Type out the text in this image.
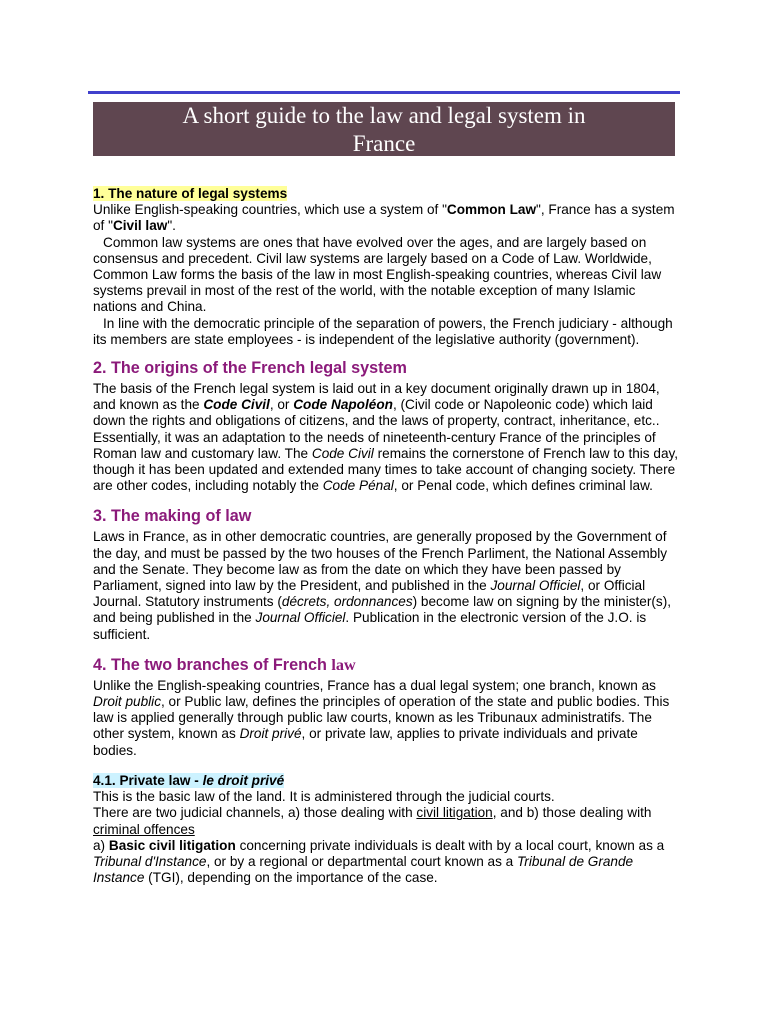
A short guide to the law and legal system in
France

1. The nature of legal systems

Unlike English-speaking countries, which use a system of "Common Law", France has a system of "Civil law".

Common law systems are ones that have evolved over the ages, and are largely based on consensus and precedent. Civil law systems are largely based on a Code of Law. Worldwide, Common Law forms the basis of the law in most English-speaking countries, whereas Civil law systems prevail in most of the rest of the world, with the notable exception of many Islamic nations and China.

In line with the democratic principle of the separation of powers, the French judiciary - although its members are state employees - is independent of the legislative authority (government).

2. The origins of the French legal system

The basis of the French legal system is laid out in a key document originally drawn up in 1804, and known as the Code Civil, or Code Napoléon, (Civil code or Napoleonic code) which laid down the rights and obligations of citizens, and the laws of property, contract, inheritance, etc.. Essentially, it was an adaptation to the needs of nineteenth-century France of the principles of Roman law and customary law. The Code Civil remains the cornerstone of French law to this day, though it has been updated and extended many times to take account of changing society. There are other codes, including notably the Code Pénal, or Penal code, which defines criminal law.

3. The making of law

Laws in France, as in other democratic countries, are generally proposed by the Government of the day, and must be passed by the two houses of the French Parliment, the National Assembly and the Senate. They become law as from the date on which they have been passed by Parliament, signed into law by the President, and published in the Journal Officiel, or Official Journal. Statutory instruments (décrets, ordonnances) become law on signing by the minister(s), and being published in the Journal Officiel. Publication in the electronic version of the J.O. is sufficient.

4. The two branches of French law

Unlike the English-speaking countries, France has a dual legal system; one branch, known as Droit public, or Public law, defines the principles of operation of the state and public bodies. This law is applied generally through public law courts, known as les Tribunaux administratifs. The other system, known as Droit privé, or private law, applies to private individuals and private bodies.

4.1. Private law - le droit privé

This is the basic law of the land. It is administered through the judicial courts.

There are two judicial channels, a) those dealing with civil litigation, and b) those dealing with criminal offences

a) Basic civil litigation concerning private individuals is dealt with by a local court, known as a Tribunal d'Instance, or by a regional or departmental court known as a Tribunal de Grande Instance (TGI), depending on the importance of the case.
